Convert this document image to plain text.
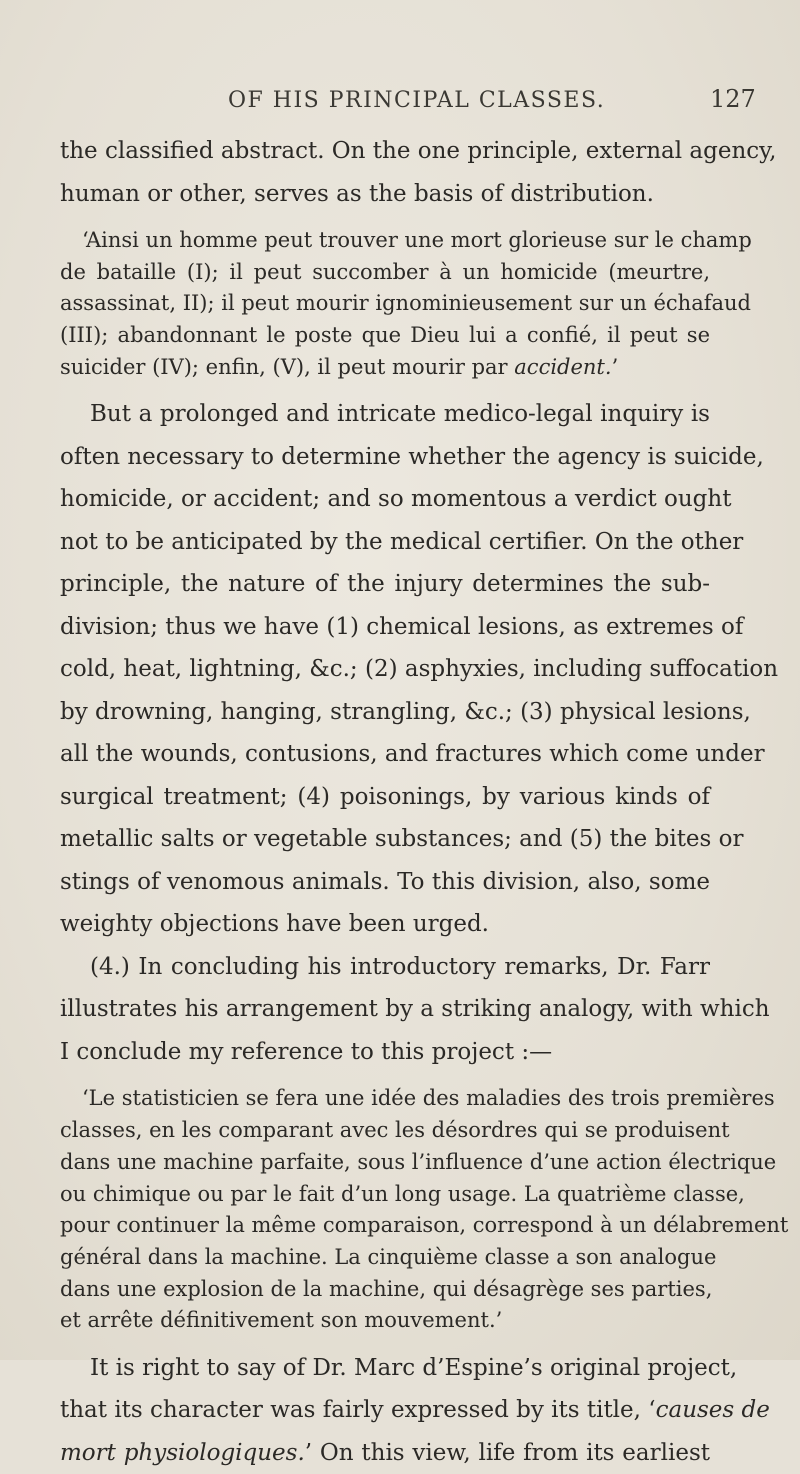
OF HIS PRINCIPAL CLASSES.	127
the classified abstract. On the one principle, external agency,
human or other, serves as the basis of distribution.
‘Ainsi un homme peut trouver une mort glorieuse sur le champ
de bataille (I); il peut succomber à un homicide (meurtre,
assassinat, II); il peut mourir ignominieusement sur un échafaud
(III); abandonnant le poste que Dieu lui a confié, il peut se
suicider (IV); enfin, (V), il peut mourir par accident.’
But a prolonged and intricate medico-legal inquiry is
often necessary to determine whether the agency is suicide,
homicide, or accident; and so momentous a verdict ought
not to be anticipated by the medical certifier. On the other
principle, the nature of the injury determines the sub-
division; thus we have (1) chemical lesions, as extremes of
cold, heat, lightning, &c.; (2) asphyxies, including suffocation
by drowning, hanging, strangling, &c.; (3) physical lesions,
all the wounds, contusions, and fractures which come under
surgical treatment; (4) poisonings, by various kinds of
metallic salts or vegetable substances; and (5) the bites or
stings of venomous animals. To this division, also, some
weighty objections have been urged.
(4.) In concluding his introductory remarks, Dr. Farr
illustrates his arrangement by a striking analogy, with which
I conclude my reference to this project :—
‘Le statisticien se fera une idée des maladies des trois premières
classes, en les comparant avec les désordres qui se produisent
dans une machine parfaite, sous l’influence d’une action électrique
ou chimique ou par le fait d’un long usage. La quatrième classe,
pour continuer la même comparaison, correspond à un délabrement
général dans la machine. La cinquième classe a son analogue
dans une explosion de la machine, qui désagrège ses parties,
et arrête définitivement son mouvement.’
It is right to say of Dr. Marc d’Espine’s original project,
that its character was fairly expressed by its title, ‘causes de
mort physiologiques.’ On this view, life from its earliest
